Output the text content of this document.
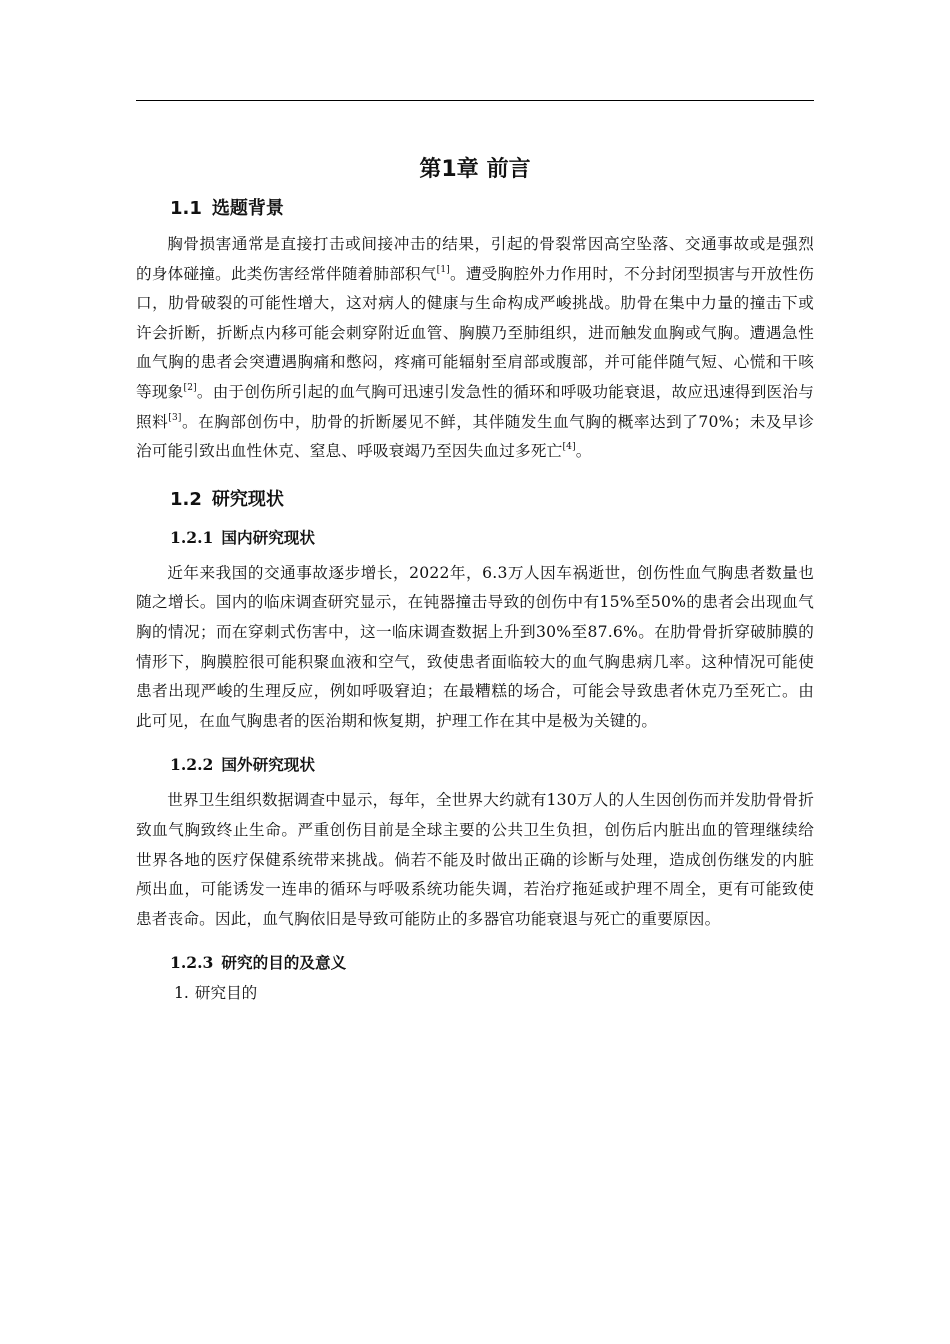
第1章 前言
1.1 选题背景

胸骨损害通常是直接打击或间接冲击的结果，引起的骨裂常因高空坠落、交通事故或是强烈的身体碰撞。此类伤害经常伴随着肺部积气[1]。遭受胸腔外力作用时，不分封闭型损害与开放性伤口，肋骨破裂的可能性增大，这对病人的健康与生命构成严峻挑战。肋骨在集中力量的撞击下或许会折断，折断点内移可能会刺穿附近血管、胸膜乃至肺组织，进而触发血胸或气胸。遭遇急性血气胸的患者会突遭遇胸痛和憋闷，疼痛可能辐射至肩部或腹部，并可能伴随气短、心慌和干咳等现象[2]。由于创伤所引起的血气胸可迅速引发急性的循环和呼吸功能衰退，故应迅速得到医治与照料[3]。在胸部创伤中，肋骨的折断屡见不鲜，其伴随发生血气胸的概率达到了70%；未及早诊治可能引致出血性休克、窒息、呼吸衰竭乃至因失血过多死亡[4]。

1.2 研究现状
1.2.1 国内研究现状

近年来我国的交通事故逐步增长，2022年，6.3万人因车祸逝世，创伤性血气胸患者数量也随之增长。国内的临床调查研究显示，在钝器撞击导致的创伤中有15%至50%的患者会出现血气胸的情况；而在穿刺式伤害中，这一临床调查数据上升到30%至87.6%。在肋骨骨折穿破肺膜的情形下，胸膜腔很可能积聚血液和空气，致使患者面临较大的血气胸患病几率。这种情况可能使患者出现严峻的生理反应，例如呼吸窘迫；在最糟糕的场合，可能会导致患者休克乃至死亡。由此可见，在血气胸患者的医治期和恢复期，护理工作在其中是极为关键的。

1.2.2 国外研究现状

世界卫生组织数据调查中显示，每年，全世界大约就有130万人的人生因创伤而并发肋骨骨折致血气胸致终止生命。严重创伤目前是全球主要的公共卫生负担，创伤后内脏出血的管理继续给世界各地的医疗保健系统带来挑战。倘若不能及时做出正确的诊断与处理，造成创伤继发的内脏颅出血，可能诱发一连串的循环与呼吸系统功能失调，若治疗拖延或护理不周全，更有可能致使患者丧命。因此，血气胸依旧是导致可能防止的多器官功能衰退与死亡的重要原因。

1.2.3 研究的目的及意义

1. 研究目的
